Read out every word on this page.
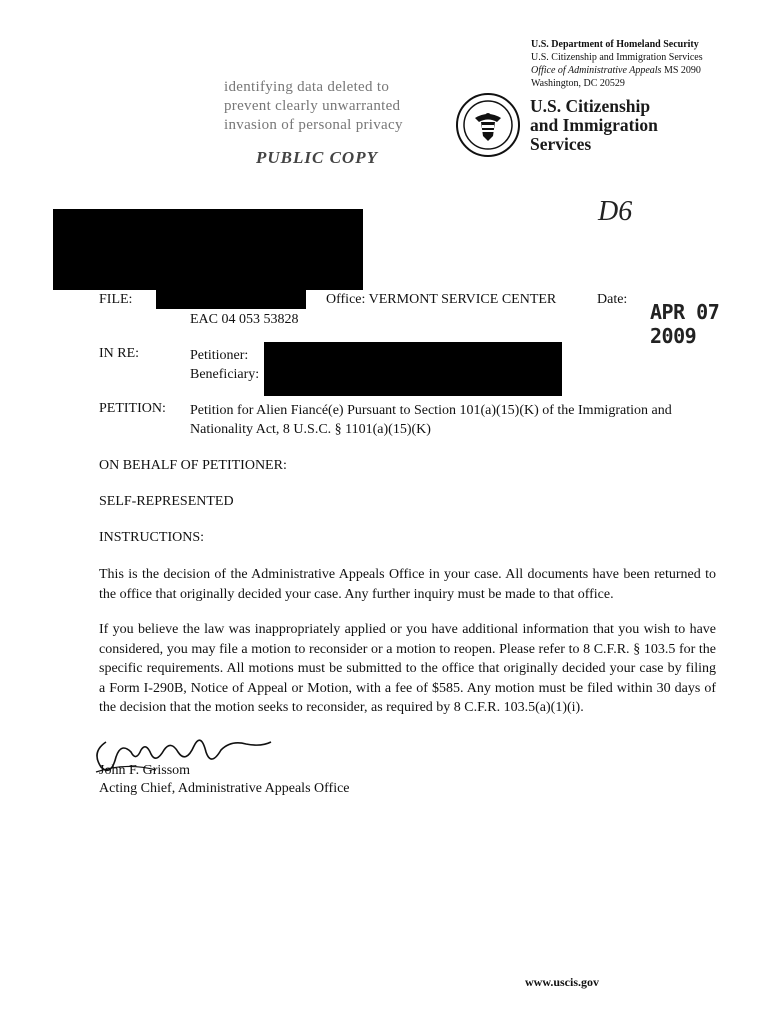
U.S. Department of Homeland Security
U.S. Citizenship and Immigration Services
Office of Administrative Appeals MS 2090
Washington, DC 20529
U.S. Citizenship
and Immigration
Services
identifying data deleted to
prevent clearly unwarranted
invasion of personal privacy
PUBLIC COPY
D6
FILE:
EAC 04 053 53828
Office: VERMONT SERVICE CENTER	Date:
APR 07 2009
IN RE:	Petitioner:
Beneficiary:
PETITION: Petition for Alien Fiancé(e) Pursuant to Section 101(a)(15)(K) of the Immigration and
Nationality Act, 8 U.S.C. § 1101(a)(15)(K)
ON BEHALF OF PETITIONER:
SELF-REPRESENTED
INSTRUCTIONS:
This is the decision of the Administrative Appeals Office in your case. All documents have been returned to the office that originally decided your case. Any further inquiry must be made to that office.
If you believe the law was inappropriately applied or you have additional information that you wish to have considered, you may file a motion to reconsider or a motion to reopen. Please refer to 8 C.F.R. § 103.5 for the specific requirements. All motions must be submitted to the office that originally decided your case by filing a Form I-290B, Notice of Appeal or Motion, with a fee of $585. Any motion must be filed within 30 days of the decision that the motion seeks to reconsider, as required by 8 C.F.R. 103.5(a)(1)(i).
John F. Grissom
Acting Chief, Administrative Appeals Office
www.uscis.gov
